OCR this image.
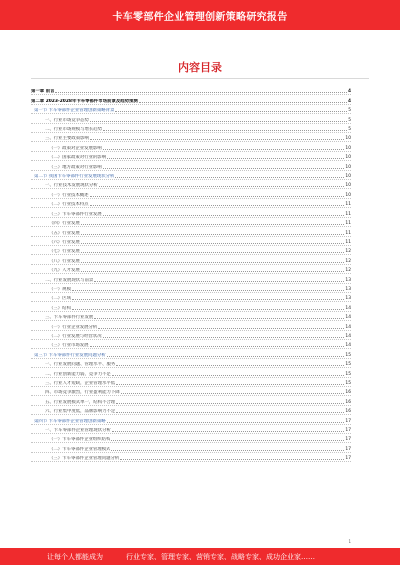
卡车零部件企业管理创新策略研究报告
内容目录
第一章 前言	4
第二章 2023-2028年卡车零部件市场前景及趋势预测	4
第一节 卡车零部件企业管理创新策略背景	5
一、行业市场竞争态势	5
二、行业市场规模与增长趋势	5
三、行业主要政策影响	10
（一）政策对企业发展影响	10
（二）国家政策对行业的影响	10
（三）地方政策对行业影响	10
第二节 我国卡车零部件行业发展现状分析	10
一、行业技术发展现状分析	10
（一）行业技术概述	10
（二）行业技术特点	11
（三）卡车零部件行业发展	11
（四）行业发展	11
（五）行业发展	11
（六）行业发展	11
（七）行业发展	12
（八）行业发展	12
（九）人才发展	12
二、行业发展现状与前景	13
（一）规模	13
（二）区域	13
（三）结构	14
三、卡车零部件行业发展	14
（一）行业企业发展分析	14
（二）行业发展与经营状况	14
（三）行业市场发展	14
第三节 卡车零部件行业发展问题分析	15
一、行业发展问题、管理水平、服务	15
二、行业创新能力弱，竞争力不足	15
三、行业人才短缺，企业管理水平低	15
四、市场竞争激烈，行业盈利能力下降	16
五、行业发展模式单一，结构不合理	16
六、行业集中度低，品牌影响力不足	16
第四节 卡车零部件企业管理创新策略	17
一、卡车零部件企业管理现状分析	17
（一）卡车零部件企业组织结构	17
（二）卡车零部件企业管理模式	17
（三）卡车零部件企业管理问题分析	17
1
让每个人都能成为	行业专家、管理专家、营销专家、战略专家、成功企业家……
